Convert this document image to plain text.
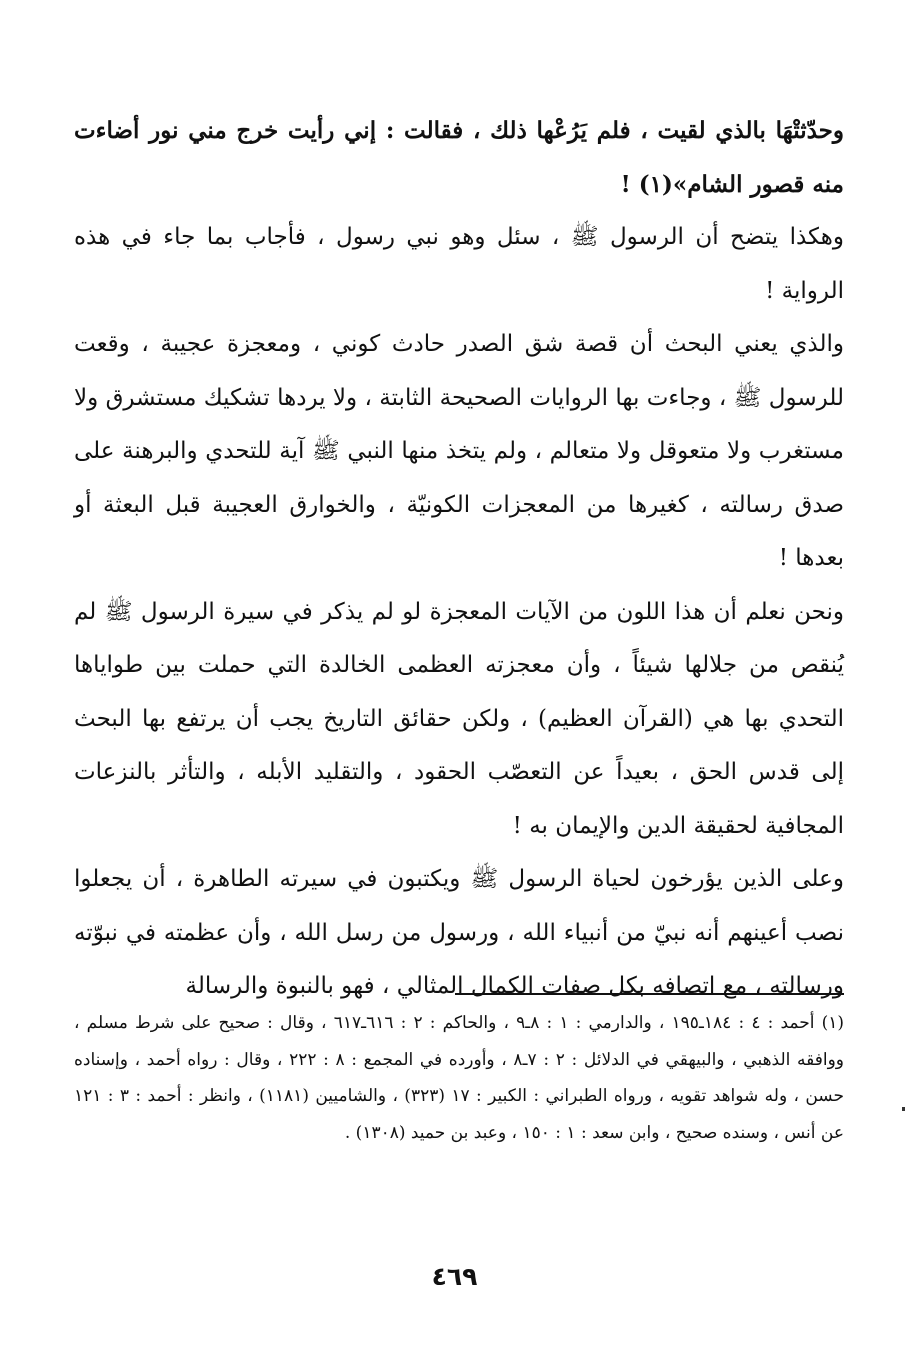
وحدّثتْهَا بالذي لقيت ، فلم يَرُعْها ذلك ، فقالت : إني رأيت خرج مني نور أضاءت منه قصور الشام»(١) !

وهكذا يتضح أن الرسول ﷺ ، سئل وهو نبي رسول ، فأجاب بما جاء في هذه الرواية !

والذي يعني البحث أن قصة شق الصدر حادث كوني ، ومعجزة عجيبة ، وقعت للرسول ﷺ ، وجاءت بها الروايات الصحيحة الثابتة ، ولا يردها تشكيك مستشرق ولا مستغرب ولا متعوقل ولا متعالم ، ولم يتخذ منها النبي ﷺ آية للتحدي والبرهنة على صدق رسالته ، كغيرها من المعجزات الكونيّة ، والخوارق العجيبة قبل البعثة أو بعدها !

ونحن نعلم أن هذا اللون من الآيات المعجزة لو لم يذكر في سيرة الرسول ﷺ لم يُنقص من جلالها شيئاً ، وأن معجزته العظمى الخالدة التي حملت بين طواياها التحدي بها هي (القرآن العظيم) ، ولكن حقائق التاريخ يجب أن يرتفع بها البحث إلى قدس الحق ، بعيداً عن التعصّب الحقود ، والتقليد الأبله ، والتأثر بالنزعات المجافية لحقيقة الدين والإيمان به !

وعلى الذين يؤرخون لحياة الرسول ﷺ ويكتبون في سيرته الطاهرة ، أن يجعلوا نصب أعينهم أنه نبيّ من أنبياء الله ، ورسول من رسل الله ، وأن عظمته في نبوّته ورسالته ، مع اتصافه بكل صفات الكمال المثالي ، فهو بالنبوة والرسالة

(١) أحمد : ٤ : ١٨٤ـ١٩٥ ، والدارمي : ١ : ٨ـ٩ ، والحاكم : ٢ : ٦١٦ـ٦١٧ ، وقال : صحيح على شرط مسلم ، ووافقه الذهبي ، والبيهقي في الدلائل : ٢ : ٧ـ٨ ، وأورده في المجمع : ٨ : ٢٢٢ ، وقال : رواه أحمد ، وإسناده حسن ، وله شواهد تقويه ، ورواه الطبراني : الكبير : ١٧ (٣٢٣) ، والشاميين (١١٨١) ، وانظر : أحمد : ٣ : ١٢١ عن أنس ، وسنده صحيح ، وابن سعد : ١ : ١٥٠ ، وعبد بن حميد (١٣٠٨) .

٤٦٩
